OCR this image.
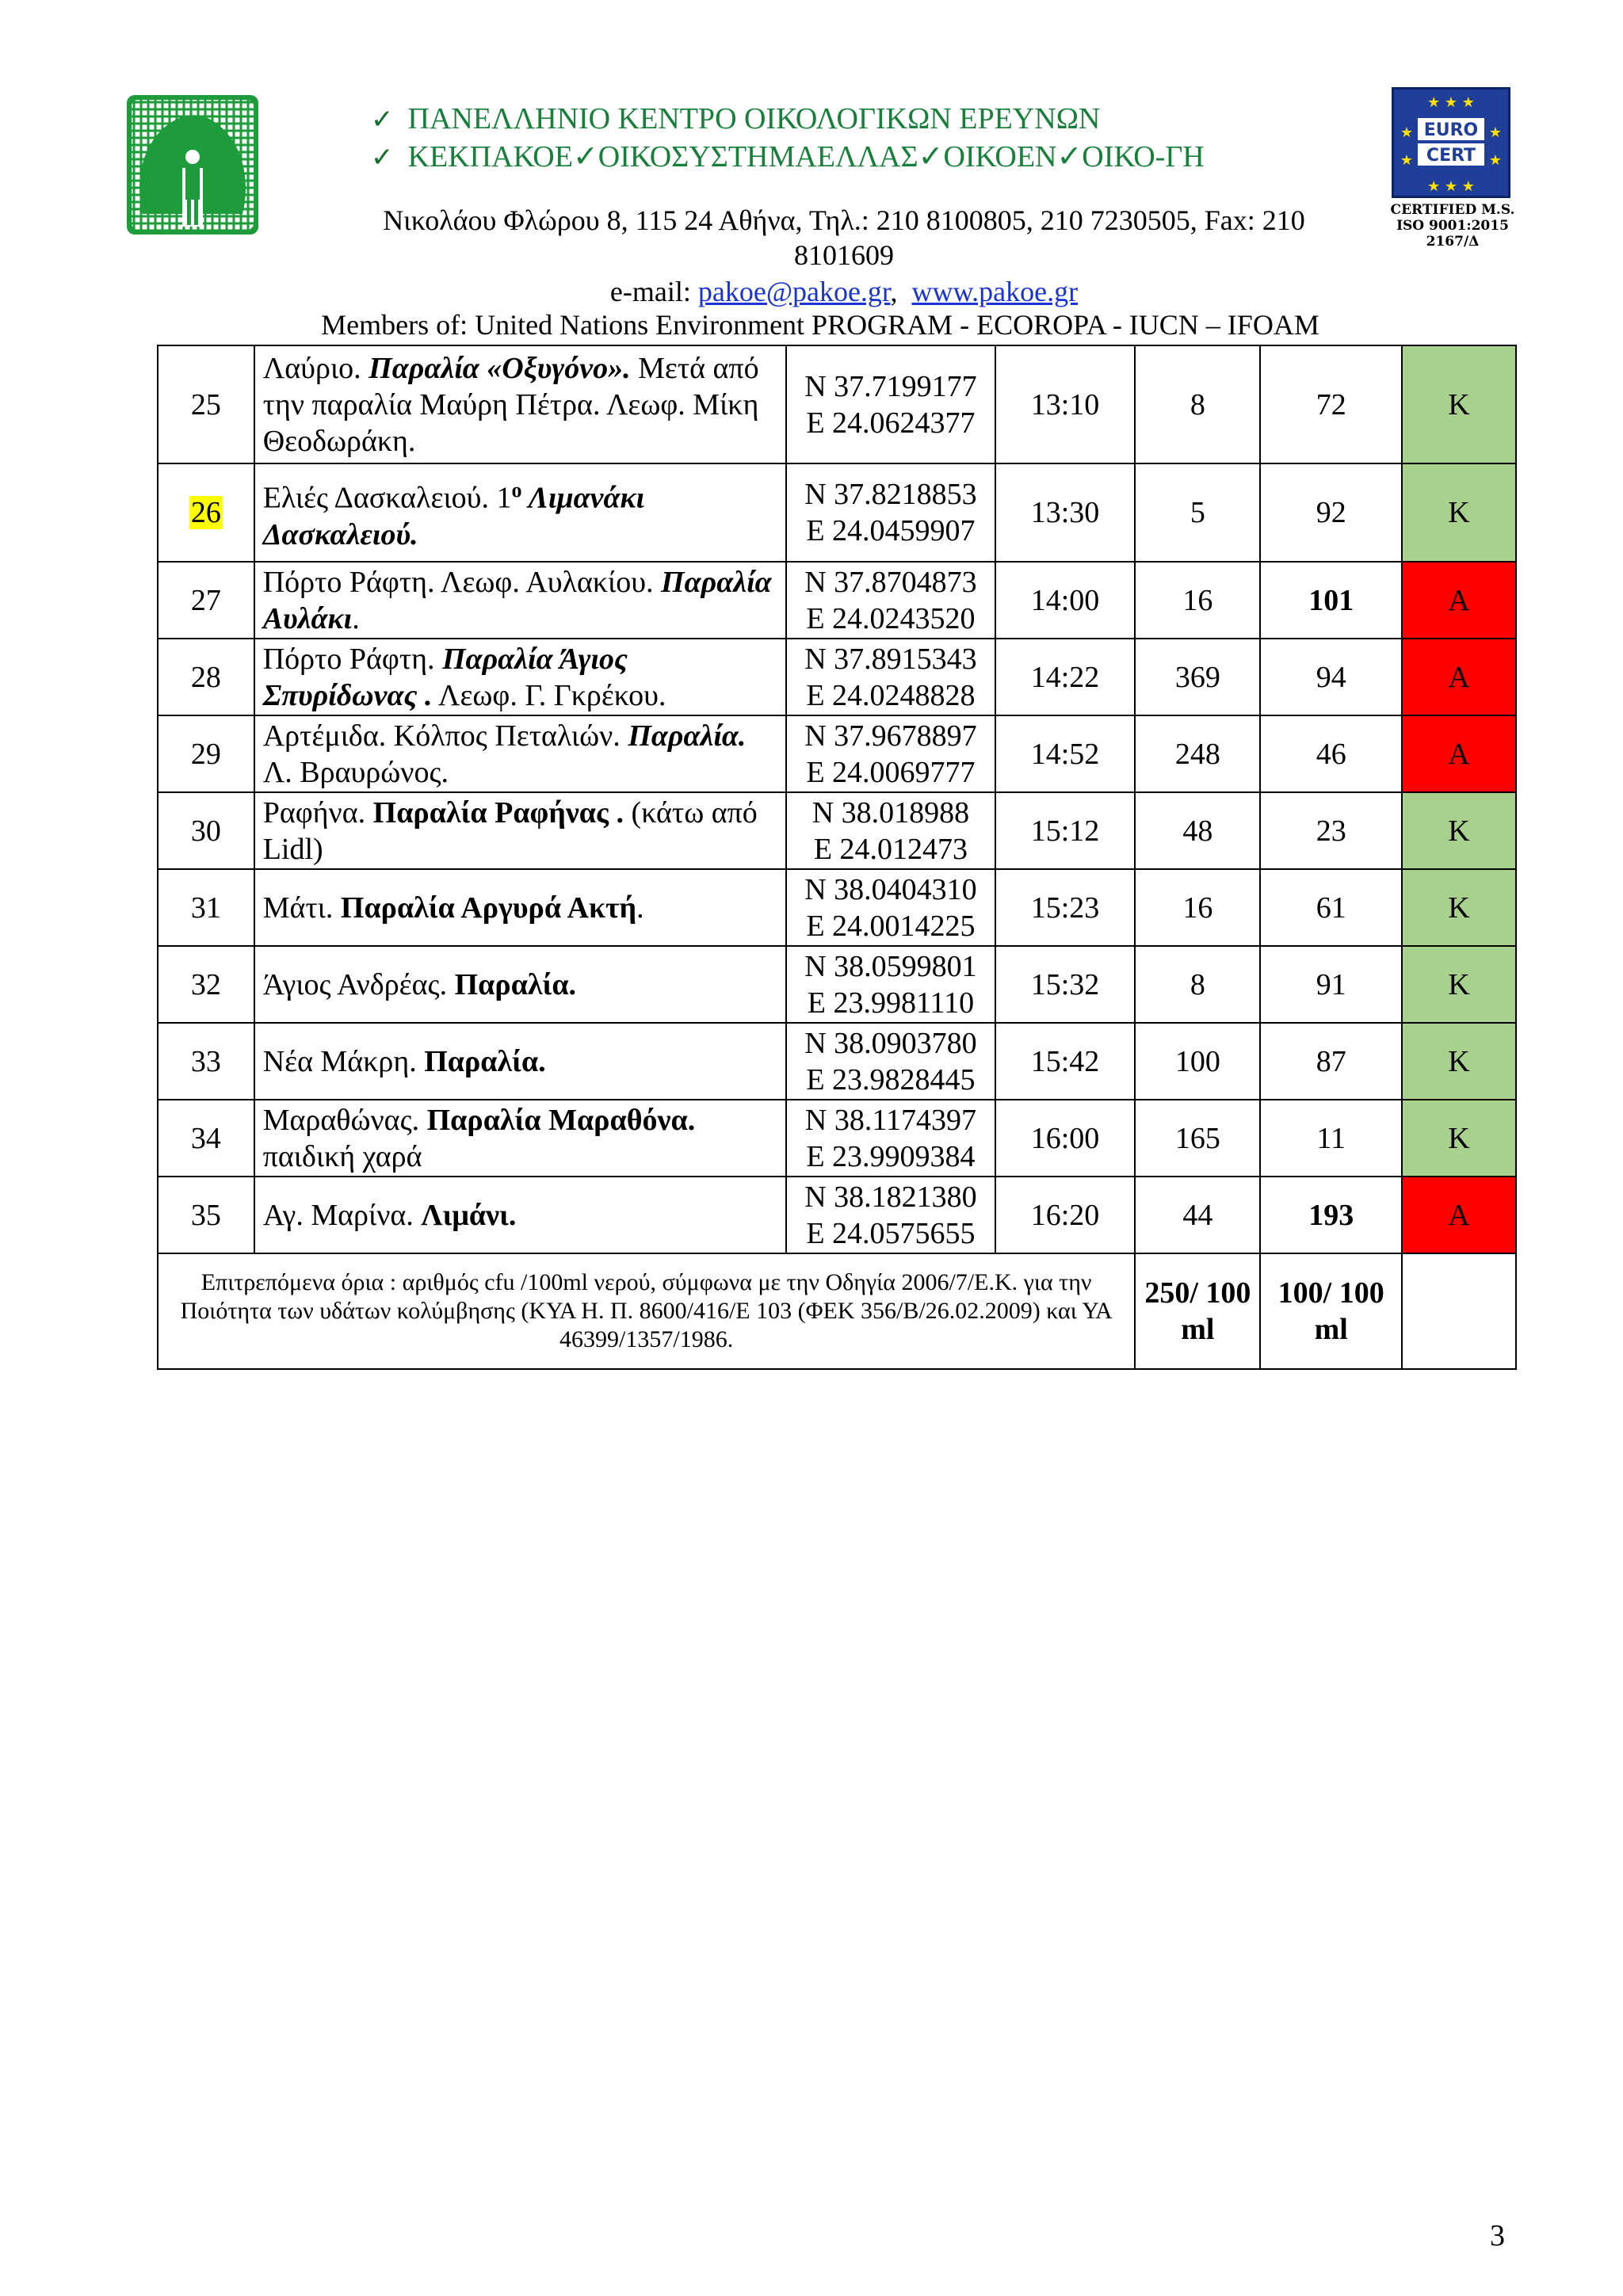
✓ ΠΑΝΕΛΛΗΝΙΟ ΚΕΝΤΡΟ ΟΙΚΟΛΟΓΙΚΩΝ ΕΡΕΥΝΩΝ
✓ ΚΕΚΠΑΚΟΕ✓ΟΙΚΟΣΥΣΤΗΜΑΕΛΛΑΣ✓ΟΙΚΟΕΝ✓ΟΙΚΟ-ΓΗ
Νικολάου Φλώρου 8, 115 24 Αθήνα, Τηλ.: 210 8100805, 210 7230505, Fax: 210
8101609
e-mail: pakoe@pakoe.gr, www.pakoe.gr
Members of: United Nations Environment PROGRAM - ECOROPA - IUCN – IFOAM
★ ★ ★
★	★
★	★
★ ★ ★
EURO
CERT
CERTIFIED M.S.
ISO 9001:2015
2167/Δ
25	Λαύριο. Παραλία «Οξυγόνο». Μετά από την παραλία Μαύρη Πέτρα. Λεωφ. Μίκη Θεοδωράκη.	N 37.7199177
E 24.0624377	13:10	8	72	Κ
26	Ελιές Δασκαλειού. $1^o$ Λιμανάκι Δασκαλειού.	N 37.8218853
E 24.0459907	13:30	5	92	Κ
27	Πόρτο Ράφτη. Λεωφ. Αυλακίου. Παραλία Αυλάκι.	N 37.8704873
E 24.0243520	14:00	16	101	Α
28	Πόρτο Ράφτη. Παραλία Άγιος Σπυρίδωνας . Λεωφ. Γ. Γκρέκου.	N 37.8915343
E 24.0248828	14:22	369	94	Α
29	Αρτέμιδα. Κόλπος Πεταλιών. Παραλία. Λ. Βραυρώνος.	N 37.9678897
E 24.0069777	14:52	248	46	Α
30	Ραφήνα. Παραλία Ραφήνας . (κάτω από Lidl)	N 38.018988
E 24.012473	15:12	48	23	Κ
31	Μάτι. Παραλία Αργυρά Ακτή.	N 38.0404310
E 24.0014225	15:23	16	61	Κ
32	Άγιος Ανδρέας. Παραλία.	N 38.0599801
E 23.9981110	15:32	8	91	Κ
33	Νέα Μάκρη. Παραλία.	N 38.0903780
E 23.9828445	15:42	100	87	Κ
34	Μαραθώνας. Παραλία Μαραθόνα. παιδική χαρά	N 38.1174397
E 23.9909384	16:00	165	11	Κ
35	Αγ. Μαρίνα. Λιμάνι.	N 38.1821380
E 24.0575655	16:20	44	193	Α
Επιτρεπόμενα όρια : αριθμός cfu /100ml νερού, σύμφωνα με την Οδηγία 2006/7/Ε.Κ. για την Ποιότητα των υδάτων κολύμβησης (ΚΥΑ Η. Π. 8600/416/Ε 103 (ΦΕΚ 356/Β/26.02.2009) και ΥΑ 46399/1357/1986.				250/ 100 ml	100/ 100 ml	
3
